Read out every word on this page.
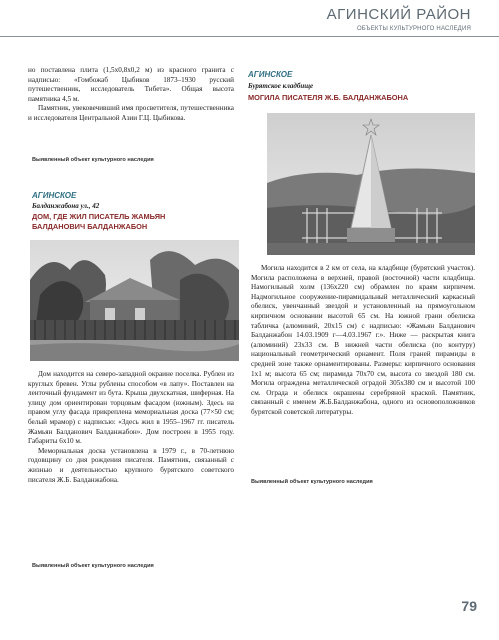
АГИНСКИЙ РАЙОН
ОБЪЕКТЫ КУЛЬТУРНОГО НАСЛЕДИЯ

но поставлена плита (1,5х0,8х0,2 м) из красного гранита с надписью: «Гомбожаб Цыбиков 1873–1930 русский путешественник, исследователь Тибета». Общая высота памятника 4,5 м.

Памятник, увековечивший имя просветителя, путешественника и исследователя Центральной Азии Г.Ц. Цыбикова.

Выявленный объект культурного наследия
АГИНСКОЕ
Балданжабона ул., 42
ДОМ, ГДЕ ЖИЛ ПИСАТЕЛЬ ЖАМЬЯН
БАЛДАНОВИЧ БАЛДАНЖАБОН

Дом находится на северо-западной окраине поселка. Рублен из круглых бревен. Углы рублены способом «в лапу». Поставлен на ленточный фундамент из бута. Крыша двухскатная, шиферная. На улицу дом ориентирован торцовым фасадом (южным). Здесь на правом углу фасада прикреплена мемориальная доска (77×50 см; белый мрамор) с надписью: «Здесь жил в 1955–1967 гг. писатель Жамьян Балданович Балданжабон». Дом построен в 1955 году. Габариты 6х10 м.

Мемориальная доска установлена в 1979 г., в 70-летнюю годовщину со дня рождения писателя. Памятник, связанный с жизнью и деятельностью крупного бурятского советского писателя Ж.Б. Балданжабона.

Выявленный объект культурного наследия
АГИНСКОЕ
Бурятское кладбище
МОГИЛА ПИСАТЕЛЯ Ж.Б. БАЛДАНЖАБОНА

Могила находится в 2 км от села, на кладбище (бурятский участок). Могила расположена в верхней, правой (восточной) части кладбища. Намогильный холм (136х220 см) обрамлен по краям кирпичем. Надмогильное сооружение-пирамидальный металлический каркасный обелиск, увенчанный звездой и установленный на прямоугольном кирпичном основании высотой 65 см. На южной грани обелиска табличка (алюминий, 20х15 см) с надписью: «Жамьян Балданович Балданжабон 14.03.1909 г—4.03.1967 г.». Ниже — раскрытая книга (алюминий) 23х33 см. В нижней части обелиска (по контуру) национальный геометрический орнамент. Поля граней пирамиды в средней зоне также орнаментированы. Размеры: кирпичного основания 1х1 м; высота 65 см; пирамида 70х70 см, высота со звездой 180 см. Могила ограждена металлической оградой 305х380 см и высотой 100 см. Ограда и обелиск окрашены серебряной краской. Памятник, связанный с именем Ж.Б.Балданжабона, одного из основоположников бурятской советской литературы.

Выявленный объект культурного наследия
79
